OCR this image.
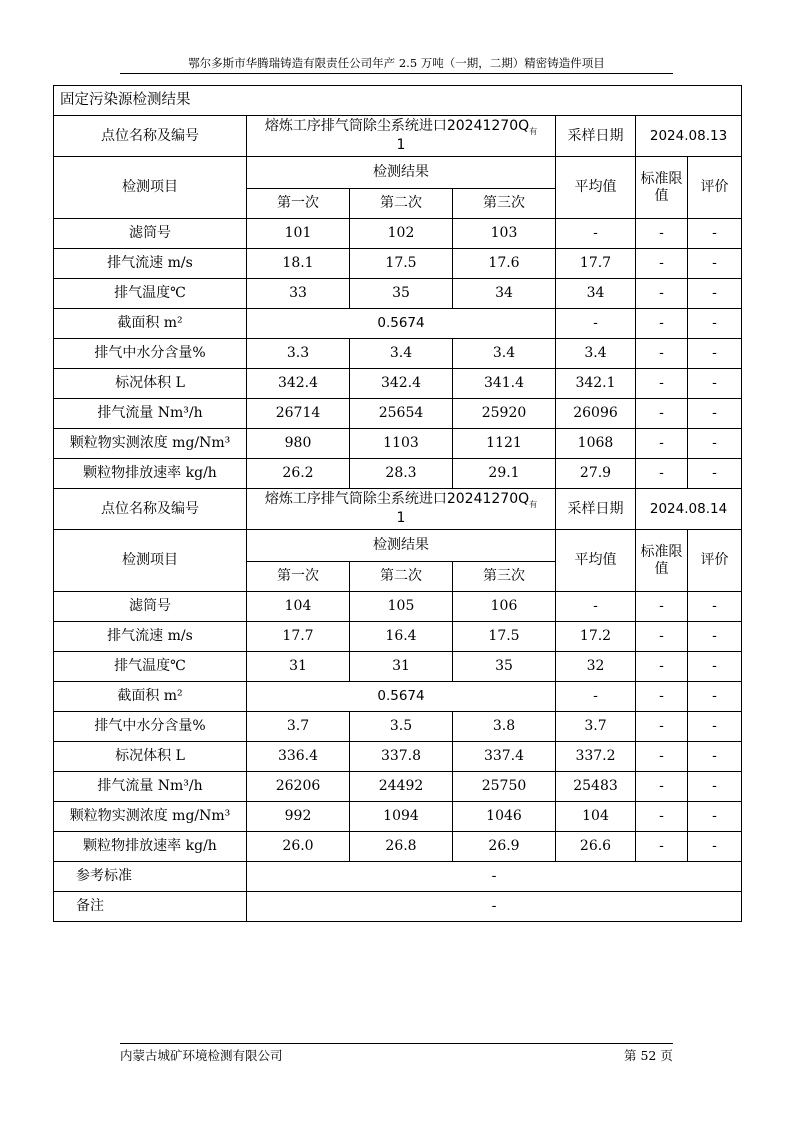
鄂尔多斯市华腾瑞铸造有限责任公司年产 2.5 万吨（一期，二期）精密铸造件项目
固定污染源检测结果						
点位名称及编号	熔炼工序排气筒除尘系统进口$20241270Q_有$
1			采样日期	2024.08.13	
检测项目	检测结果			平均值	标准限值	评价
	第一次	第二次	第三次			
滤筒号	101	102	103	-	-	-
排气流速 m/s	18.1	17.5	17.6	17.7	-	-
排气温度℃	33	35	34	34	-	-
截面积 m²	0.5674			-	-	-
排气中水分含量%	3.3	3.4	3.4	3.4	-	-
标况体积 L	342.4	342.4	341.4	342.1	-	-
排气流量 Nm³/h	26714	25654	25920	26096	-	-
颗粒物实测浓度 mg/Nm³	980	1103	1121	1068	-	-
颗粒物排放速率 kg/h	26.2	28.3	29.1	27.9	-	-
点位名称及编号	熔炼工序排气筒除尘系统进口$20241270Q_有$
1			采样日期	2024.08.14	
检测项目	检测结果			平均值	标准限值	评价
	第一次	第二次	第三次			
滤筒号	104	105	106	-	-	-
排气流速 m/s	17.7	16.4	17.5	17.2	-	-
排气温度℃	31	31	35	32	-	-
截面积 m²	0.5674			-	-	-
排气中水分含量%	3.7	3.5	3.8	3.7	-	-
标况体积 L	336.4	337.8	337.4	337.2	-	-
排气流量 Nm³/h	26206	24492	25750	25483	-	-
颗粒物实测浓度 mg/Nm³	992	1094	1046	104	-	-
颗粒物排放速率 kg/h	26.0	26.8	26.9	26.6	-	-
参考标准	-					
备注	-					
内蒙古城矿环境检测有限公司	第 52 页
